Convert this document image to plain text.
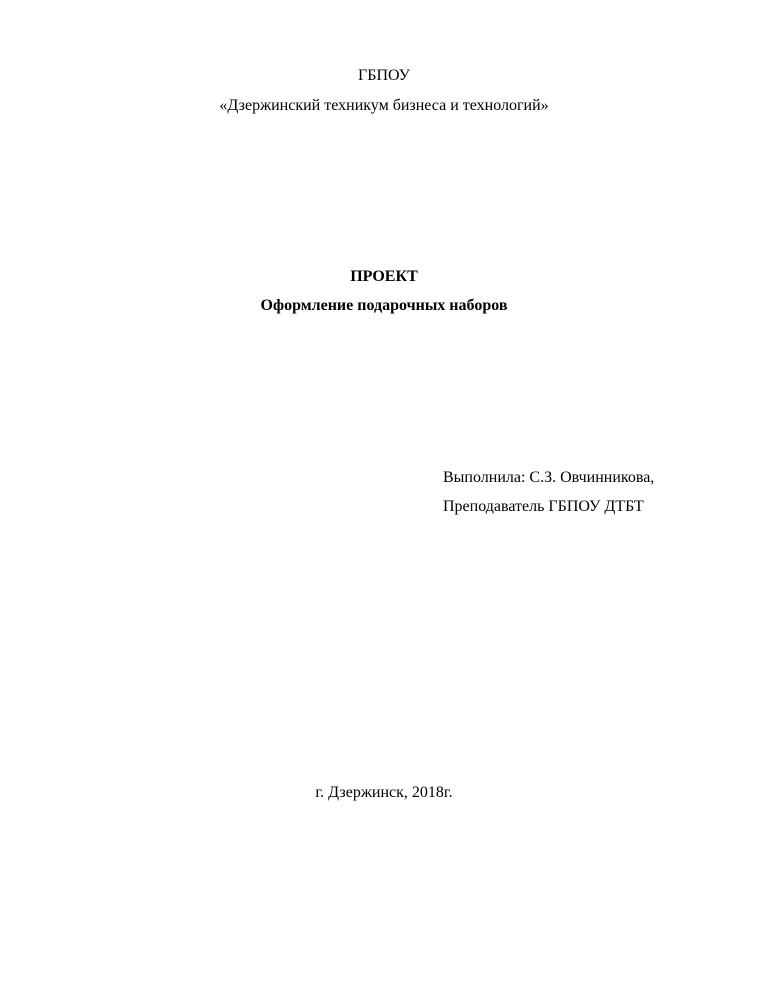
ГБПОУ
«Дзержинский техникум бизнеса и технологий»
ПРОЕКТ
Оформление подарочных наборов
Выполнила: С.З. Овчинникова,
Преподаватель ГБПОУ ДТБТ
г. Дзержинск, 2018г.
